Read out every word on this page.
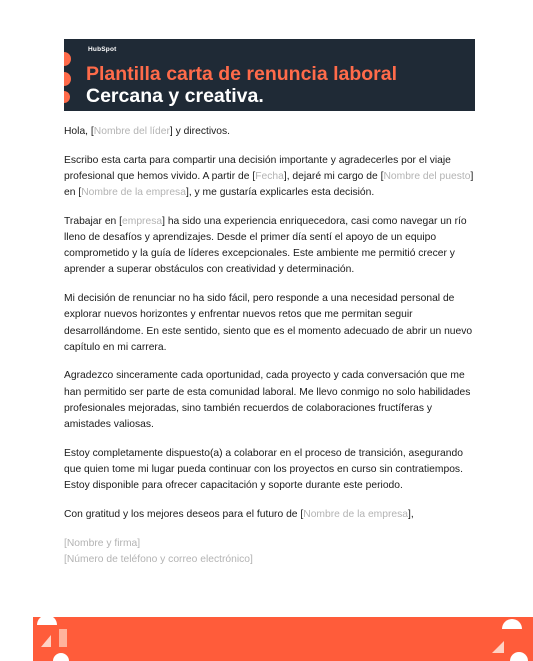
HubSpot
Plantilla carta de renuncia laboral
Cercana y creativa.

Hola, [Nombre del líder] y directivos.

Escribo esta carta para compartir una decisión importante y agradecerles por el viaje profesional que hemos vivido. A partir de [Fecha], dejaré mi cargo de [Nombre del puesto] en [Nombre de la empresa], y me gustaría explicarles esta decisión.

Trabajar en [empresa] ha sido una experiencia enriquecedora, casi como navegar un río lleno de desafíos y aprendizajes. Desde el primer día sentí el apoyo de un equipo comprometido y la guía de líderes excepcionales. Este ambiente me permitió crecer y aprender a superar obstáculos con creatividad y determinación.

Mi decisión de renunciar no ha sido fácil, pero responde a una necesidad personal de explorar nuevos horizontes y enfrentar nuevos retos que me permitan seguir desarrollándome. En este sentido, siento que es el momento adecuado de abrir un nuevo capítulo en mi carrera.

Agradezco sinceramente cada oportunidad, cada proyecto y cada conversación que me han permitido ser parte de esta comunidad laboral. Me llevo conmigo no solo habilidades profesionales mejoradas, sino también recuerdos de colaboraciones fructíferas y amistades valiosas.

Estoy completamente dispuesto(a) a colaborar en el proceso de transición, asegurando que quien tome mi lugar pueda continuar con los proyectos en curso sin contratiempos. Estoy disponible para ofrecer capacitación y soporte durante este periodo.

Con gratitud y los mejores deseos para el futuro de [Nombre de la empresa],

[Nombre y firma]
[Número de teléfono y correo electrónico]
